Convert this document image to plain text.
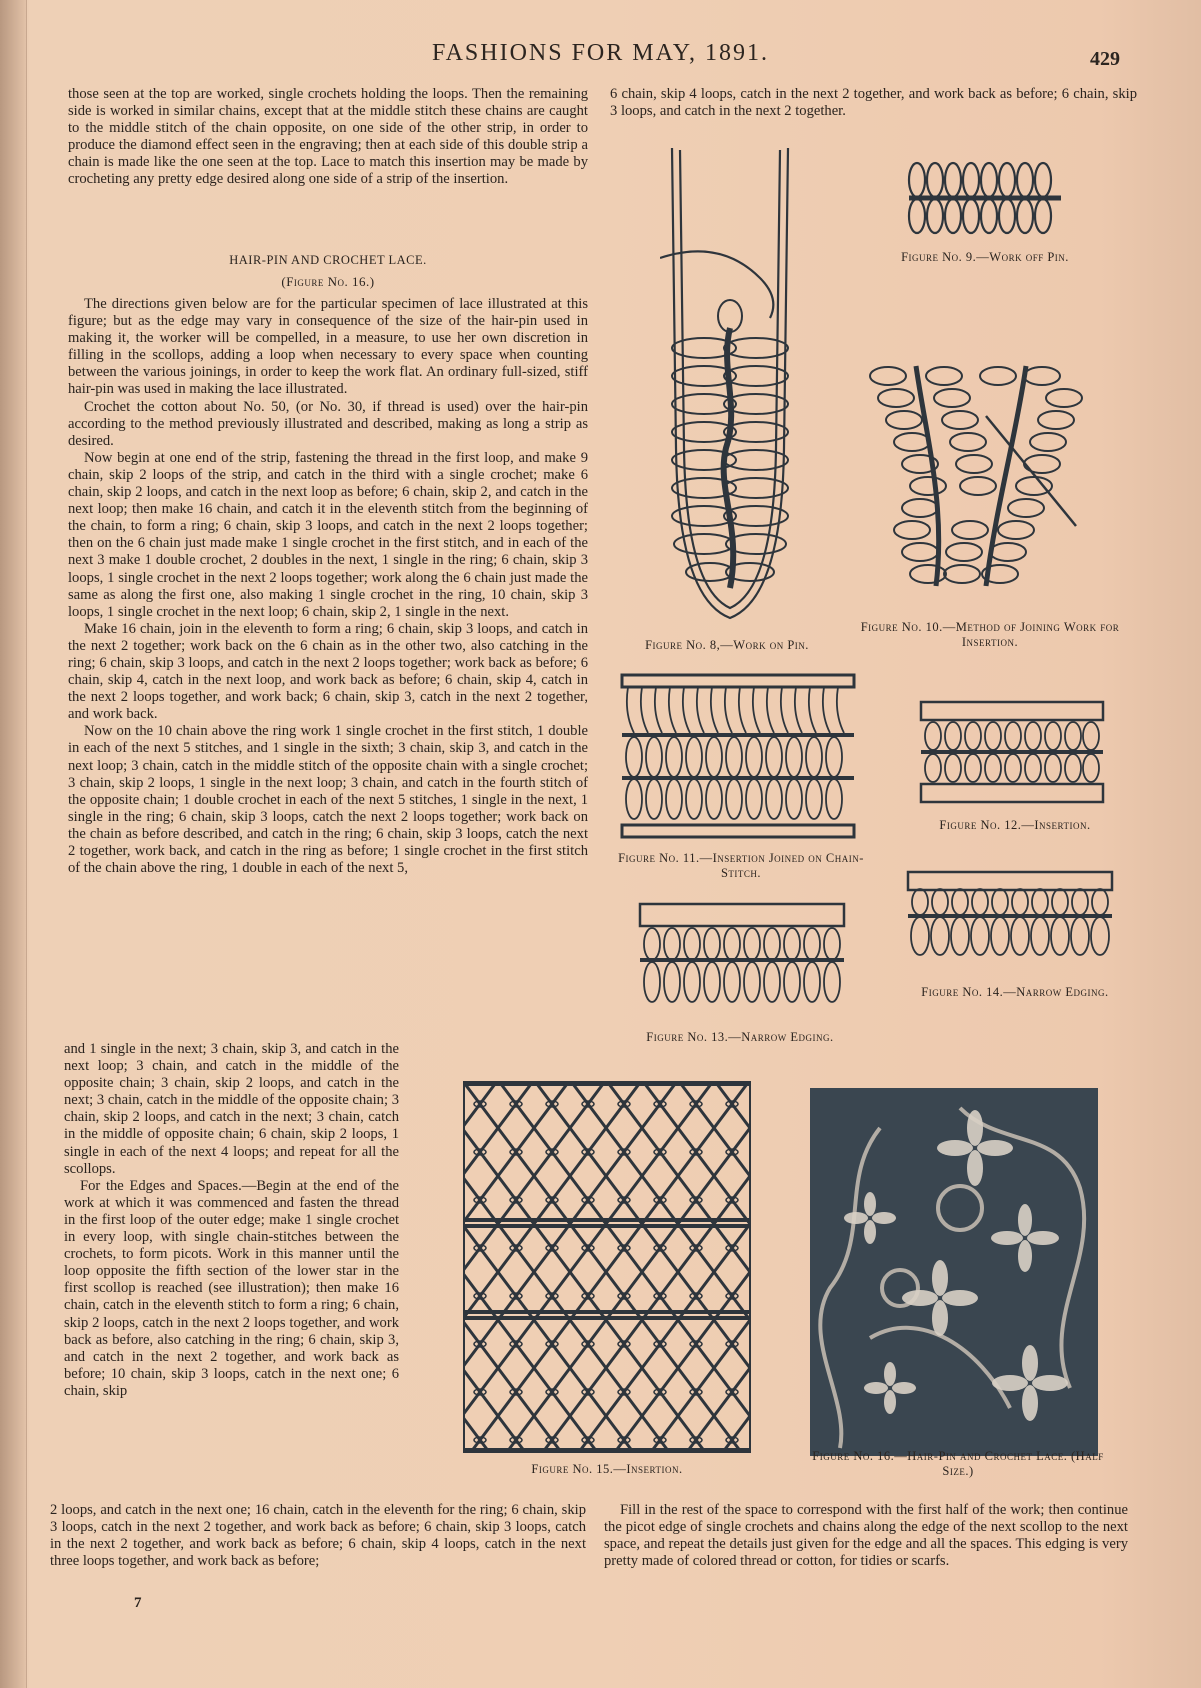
FASHIONS FOR MAY, 1891.	429

those seen at the top are worked, single crochets holding the loops. Then the remaining side is worked in similar chains, except that at the middle stitch these chains are caught to the middle stitch of the chain opposite, on one side of the other strip, in order to produce the diamond effect seen in the engraving; then at each side of this double strip a chain is made like the one seen at the top. Lace to match this insertion may be made by crocheting any pretty edge desired along one side of a strip of the insertion.

HAIR-PIN AND CROCHET LACE.
(Figure No. 16.)

The directions given below are for the particular specimen of lace illustrated at this figure; but as the edge may vary in consequence of the size of the hair-pin used in making it, the worker will be compelled, in a measure, to use her own discretion in filling in the scollops, adding a loop when necessary to every space when counting between the various joinings, in order to keep the work flat. An ordinary full-sized, stiff hair-pin was used in making the lace illustrated.

Crochet the cotton about No. 50, (or No. 30, if thread is used) over the hair-pin according to the method previously illustrated and described, making as long a strip as desired.

Now begin at one end of the strip, fastening the thread in the first loop, and make 9 chain, skip 2 loops of the strip, and catch in the third with a single crochet; make 6 chain, skip 2 loops, and catch in the next loop as before; 6 chain, skip 2, and catch in the next loop; then make 16 chain, and catch it in the eleventh stitch from the beginning of the chain, to form a ring; 6 chain, skip 3 loops, and catch in the next 2 loops together; then on the 6 chain just made make 1 single crochet in the first stitch, and in each of the next 3 make 1 double crochet, 2 doubles in the next, 1 single in the ring; 6 chain, skip 3 loops, 1 single crochet in the next 2 loops together; work along the 6 chain just made the same as along the first one, also making 1 single crochet in the ring, 10 chain, skip 3 loops, 1 single crochet in the next loop; 6 chain, skip 2, 1 single in the next.

Make 16 chain, join in the eleventh to form a ring; 6 chain, skip 3 loops, and catch in the next 2 together; work back on the 6 chain as in the other two, also catching in the ring; 6 chain, skip 3 loops, and catch in the next 2 loops together; work back as before; 6 chain, skip 4, catch in the next loop, and work back as before; 6 chain, skip 4, catch in the next 2 loops together, and work back; 6 chain, skip 3, catch in the next 2 together, and work back.

Now on the 10 chain above the ring work 1 single crochet in the first stitch, 1 double in each of the next 5 stitches, and 1 single in the sixth; 3 chain, skip 3, and catch in the next loop; 3 chain, catch in the middle stitch of the opposite chain with a single crochet; 3 chain, skip 2 loops, 1 single in the next loop; 3 chain, and catch in the fourth stitch of the opposite chain; 1 double crochet in each of the next 5 stitches, 1 single in the next, 1 single in the ring; 6 chain, skip 3 loops, catch the next 2 loops together; work back on the chain as before described, and catch in the ring; 6 chain, skip 3 loops, catch the next 2 together, work back, and catch in the ring as before; 1 single crochet in the first stitch of the chain above the ring, 1 double in each of the next 5,

and 1 single in the next; 3 chain, skip 3, and catch in the next loop; 3 chain, and catch in the middle of the opposite chain; 3 chain, skip 2 loops, and catch in the next; 3 chain, catch in the middle of the opposite chain; 3 chain, skip 2 loops, and catch in the next; 3 chain, catch in the middle of opposite chain; 6 chain, skip 2 loops, 1 single in each of the next 4 loops; and repeat for all the scollops.

For the Edges and Spaces.—Begin at the end of the work at which it was commenced and fasten the thread in the first loop of the outer edge; make 1 single crochet in every loop, with single chain-stitches between the crochets, to form picots. Work in this manner until the loop opposite the fifth section of the lower star in the first scollop is reached (see illustration); then make 16 chain, catch in the eleventh stitch to form a ring; 6 chain, skip 2 loops, catch in the next 2 loops together, and work back as before, also catching in the ring; 6 chain, skip 3, and catch in the next 2 together, and work back as before; 10 chain, skip 3 loops, catch in the next one; 6 chain, skip

2 loops, and catch in the next one; 16 chain, catch in the eleventh for the ring; 6 chain, skip 3 loops, catch in the next 2 together, and work back as before; 6 chain, skip 3 loops, catch in the next 2 together, and work back as before; 6 chain, skip 4 loops, catch in the next three loops together, and work back as before;

7

6 chain, skip 4 loops, catch in the next 2 together, and work back as before; 6 chain, skip 3 loops, and catch in the next 2 together.

Fill in the rest of the space to correspond with the first half of the work; then continue the picot edge of single crochets and chains along the edge of the next scollop to the next space, and repeat the details just given for the edge and all the spaces. This edging is very pretty made of colored thread or cotton, for tidies or scarfs.

Figure No. 8,—Work on Pin.
Figure No. 9.—Work off Pin.
Figure No. 10.—Method of Joining Work for Insertion.
Figure No. 11.—Insertion Joined on Chain-Stitch.
Figure No. 12.—Insertion.
Figure No. 13.—Narrow Edging.
Figure No. 14.—Narrow Edging.
Figure No. 15.—Insertion.
Figure No. 16.—Hair-Pin and Crochet Lace. (Half Size.)
